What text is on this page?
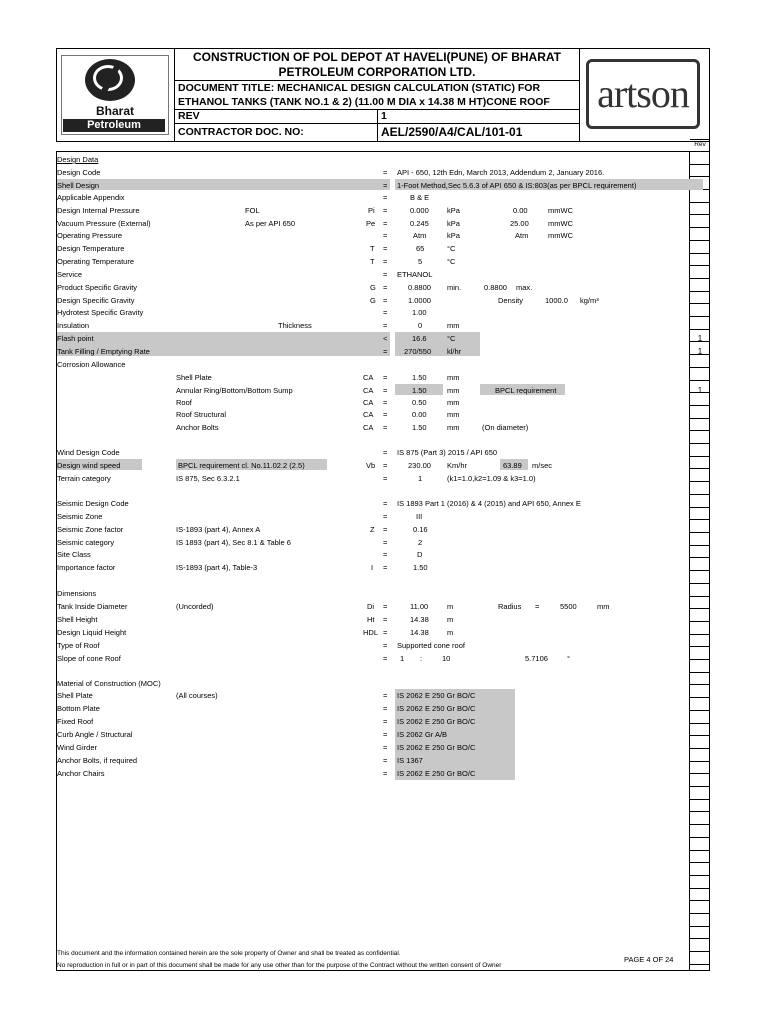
Bharat
Petroleum
CONSTRUCTION OF POL DEPOT AT HAVELI(PUNE) OF BHARAT
PETROLEUM CORPORATION LTD.
DOCUMENT TITLE: MECHANICAL DESIGN CALCULATION (STATIC) FOR
ETHANOL TANKS (TANK NO.1 & 2) (11.00 M DIA x 14.38 M HT)CONE ROOF
REV	1
CONTRACTOR DOC. NO:	AEL/2590/A4/CAL/101-01
artson
Rev
1
1
1
Design Data
Design Code	= API - 650, 12th Edn, March 2013, Addendum 2, January 2016.
Shell Design	= 1-Foot Method,Sec 5.6.3 of API 650 & IS:803(as per BPCL requirement)
Applicable Appendix	=	B & E
Design Internal Pressure	FOL	Pi =	0.000 kPa	0.00	mmWC
Vacuum Pressure (External)	As per API 650	Pe =	0.245 kPa	25.00	mmWC
Operating Pressure	=	Atm	kPa	Atm	mmWC
Design Temperature	T =	65	°C
Operating Temperature	T =	5	°C
Service	= ETHANOL
Product Specific Gravity	G =	0.8800 min.	0.8800 max.
Design Specific Gravity	G =	1.0000	Density	1000.0 kg/m³
Hydrotest Specific Gravity	=	1.00
Insulation	Thickness	=	0	mm
Flash point	<	16.6	°C
Tank Filling / Emptying Rate	= 270/550 kl/hr
Corrosion Allowance
Shell Plate	CA =	1.50	mm
Annular Ring/Bottom/Bottom Sump	CA =	1.50	mm	BPCL requirement
Roof	CA =	0.50	mm
Roof Structural	CA =	0.00	mm
Anchor Bolts	CA =	1.50	mm	(On diameter)
Wind Design Code	= IS 875 (Part 3) 2015 / API 650
Design wind speed	BPCL requirement cl. No.11.02.2 (2.5)	Vb =	230.00 Km/hr	63.89 m/sec
Terrain category	IS 875, Sec 6.3.2.1	=	1	(k1=1.0,k2=1.09 & k3=1.0)
Seismic Design Code	= IS 1893 Part 1 (2016) & 4 (2015) and API 650, Annex E
Seismic Zone	=	III
Seismic Zone factor	IS-1893 (part 4), Annex A	Z =	0.16
Seismic category	IS 1893 (part 4), Sec 8.1 & Table 6	=	2
Site Class	=	D
Importance factor	IS-1893 (part 4), Table-3	I =	1.50
Dimensions
Tank Inside Diameter	(Uncorded)	Di =	11.00	m	Radius =	5500	mm
Shell Height	Ht =	14.38 m
Design Liquid Height	HDL =	14.38 m
Type of Roof	= Supported cone roof
Slope of cone Roof	= 1 :	10	5.7106	°
Material of Construction (MOC)
Shell Plate	(All courses)	= IS 2062 E 250 Gr BO/C
Bottom Plate	= IS 2062 E 250 Gr BO/C
Fixed Roof	= IS 2062 E 250 Gr BO/C
Curb Angle / Structural	= IS 2062 Gr A/B
Wind Girder	= IS 2062 E 250 Gr BO/C
Anchor Bolts, if required	= IS 1367
Anchor Chairs	= IS 2062 E 250 Gr BO/C
This document and the information contained herein are the sole property of Owner and shall be treated as confidential.
No reproduction in full or in part of this document shall be made for any use other than for the purpose of the Contract without the written consent of Owner
PAGE 4 OF 24
